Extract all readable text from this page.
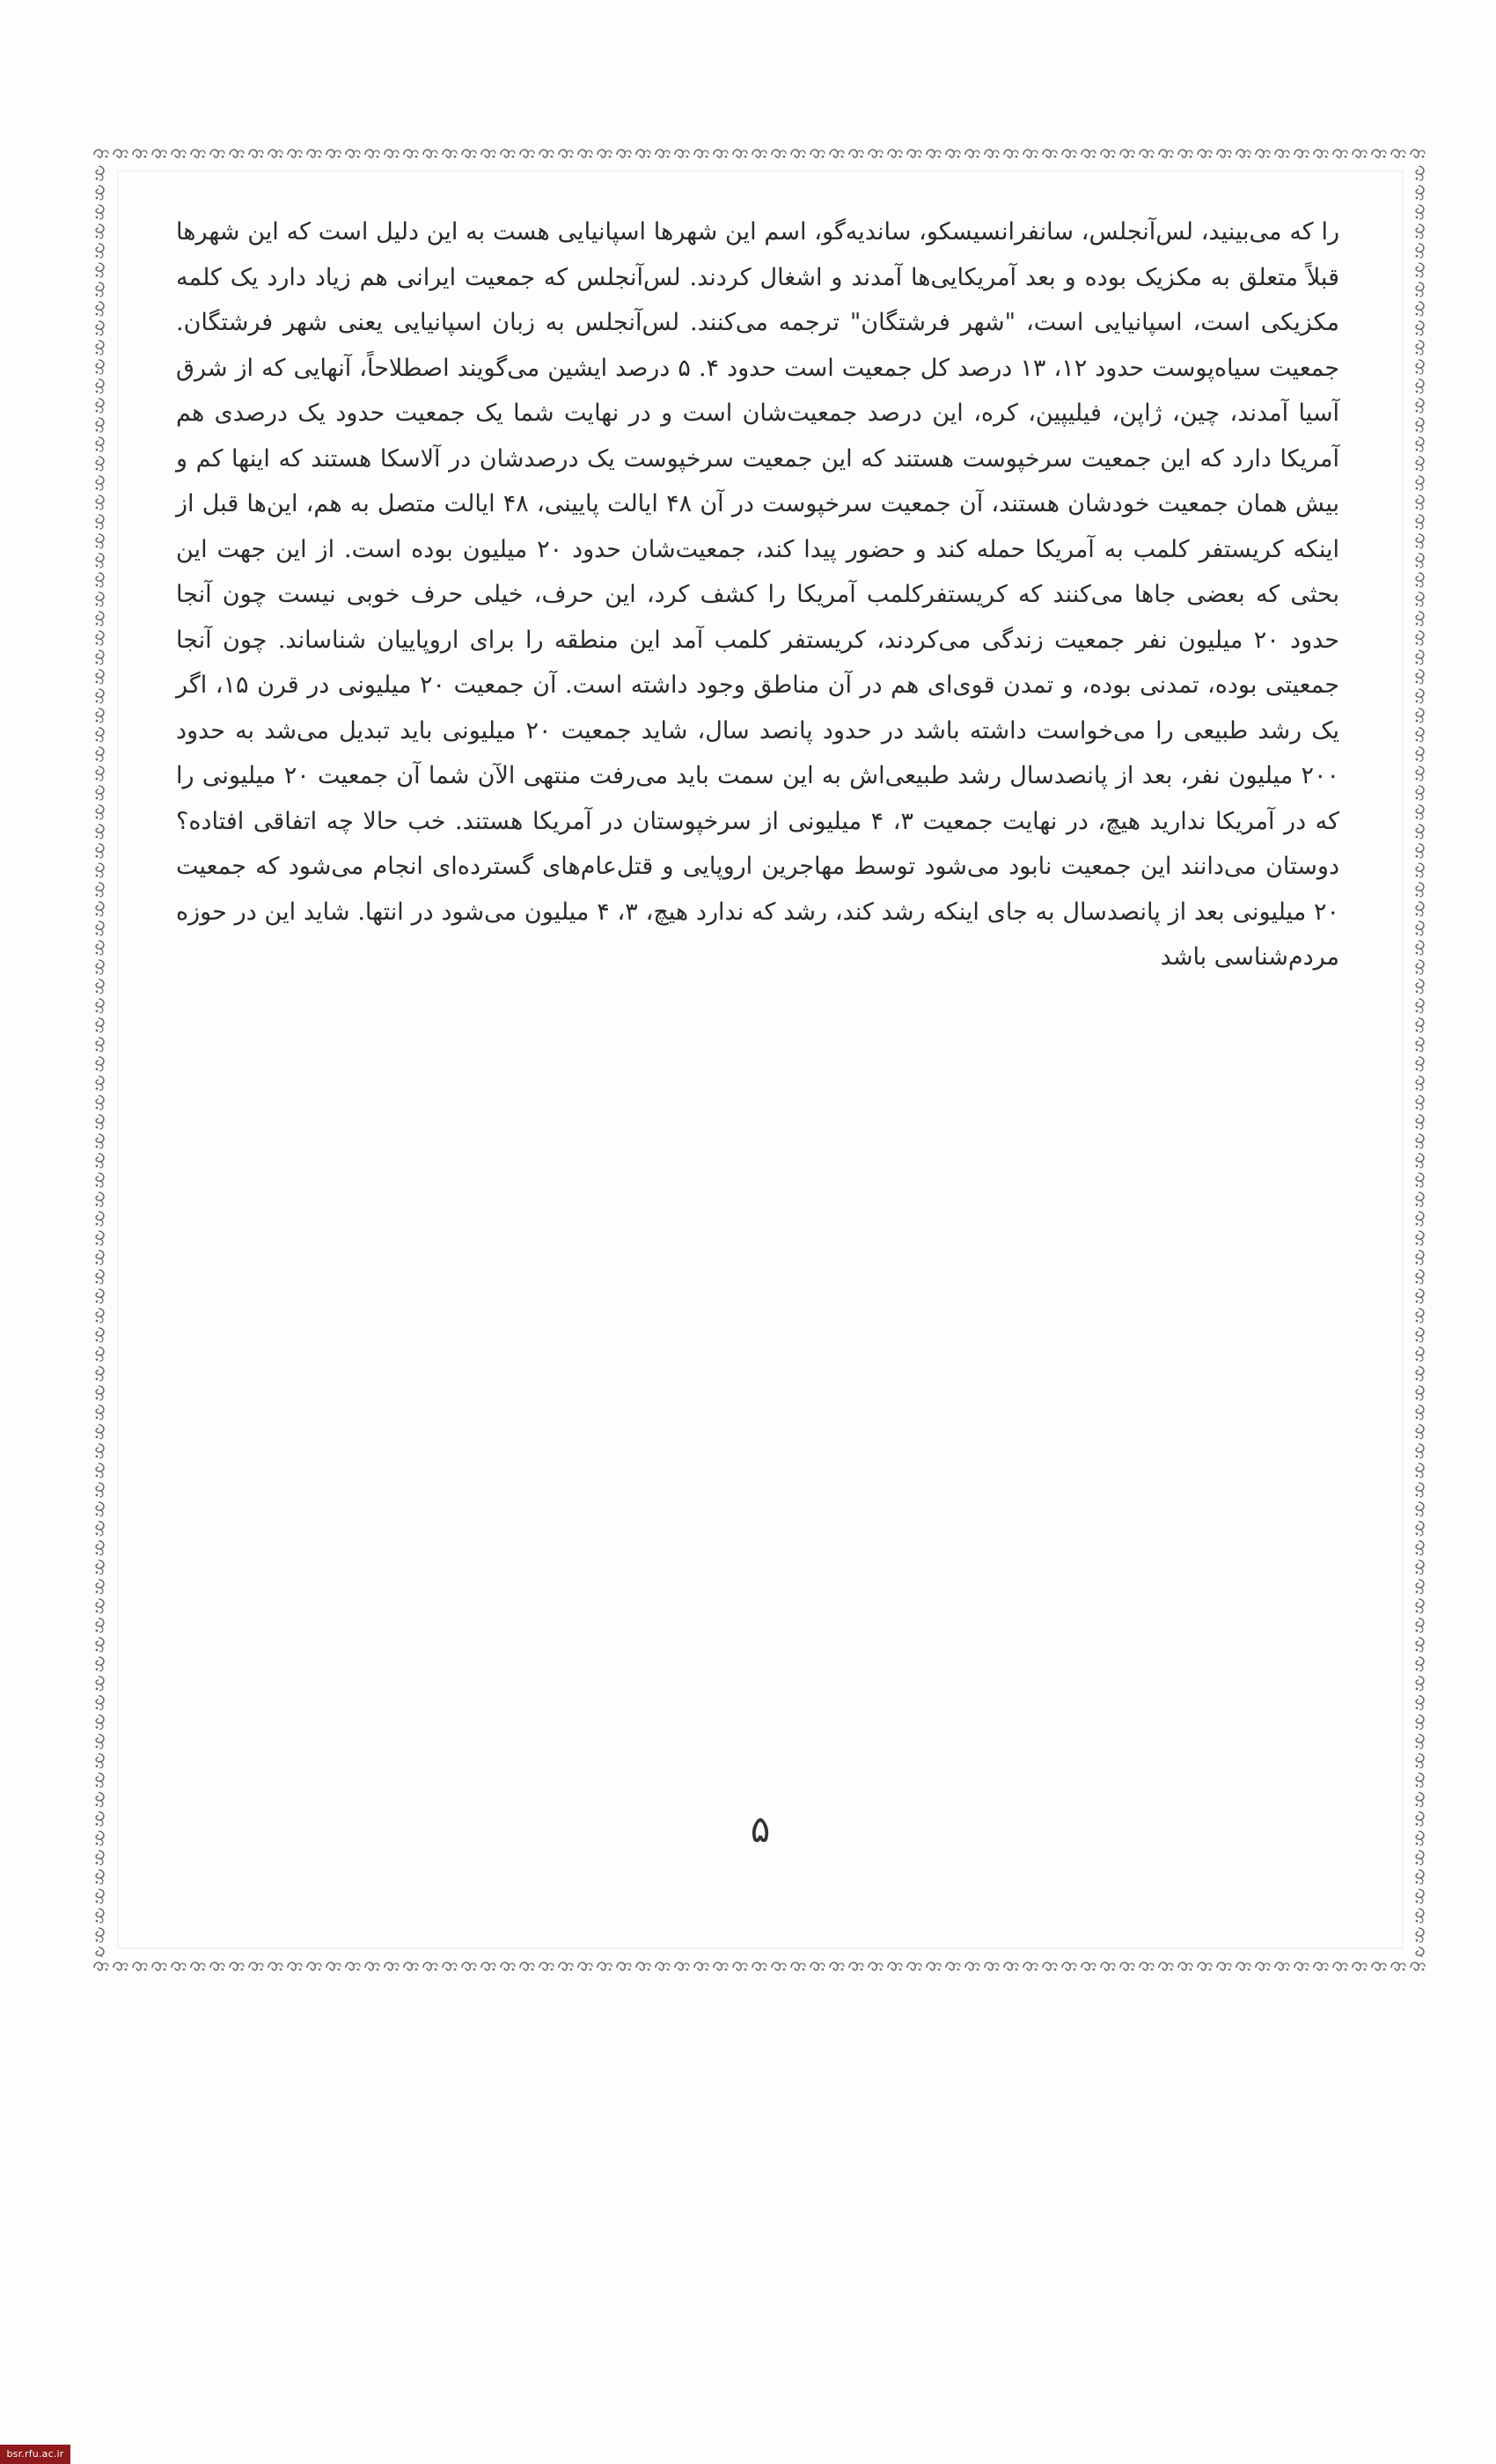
را که می‌بینید، لس‌آنجلس، سانفرانسیسکو، ساندیه‌گو، اسم این شهرها اسپانیایی هست به این دلیل است که این شهرها قبلاً متعلق به مکزیک بوده و بعد آمریکایی‌ها آمدند و اشغال کردند. لس‌آنجلس که جمعیت ایرانی هم زیاد دارد یک کلمه مکزیکی است، اسپانیایی است، "شهر فرشتگان" ترجمه می‌کنند. لس‌آنجلس به زبان اسپانیایی یعنی شهر فرشتگان. جمعیت سیاه‌پوست حدود ۱۲، ۱۳ درصد کل جمعیت است حدود ۴. ۵ درصد ایشین می‌گویند اصطلاحاً، آنهایی که از شرق آسیا آمدند، چین، ژاپن، فیلیپین، کره، این درصد جمعیت‌شان است و در نهایت شما یک جمعیت حدود یک درصدی هم آمریکا دارد که این جمعیت سرخپوست هستند که این جمعیت سرخپوست یک درصدشان در آلاسکا هستند که اینها کم و بیش همان جمعیت خودشان هستند، آن جمعیت سرخپوست در آن ۴۸ ایالت پایینی، ۴۸ ایالت متصل به هم، این‌ها قبل از اینکه کریستفر کلمب به آمریکا حمله کند و حضور پیدا کند، جمعیت‌شان حدود ۲۰ میلیون بوده است. از این جهت این بحثی که بعضی جاها می‌کنند که کریستفرکلمب آمریکا را کشف کرد، این حرف، خیلی حرف خوبی نیست چون آنجا حدود ۲۰ میلیون نفر جمعیت زندگی می‌کردند، کریستفر کلمب آمد این منطقه را برای اروپاییان شناساند. چون آنجا جمعیتی بوده، تمدنی بوده، و تمدن قوی‌ای هم در آن مناطق وجود داشته است. آن جمعیت ۲۰ میلیونی در قرن ۱۵، اگر یک رشد طبیعی را می‌خواست داشته باشد در حدود پانصد سال، شاید جمعیت ۲۰ میلیونی باید تبدیل می‌شد به حدود ۲۰۰ میلیون نفر، بعد از پانصدسال رشد طبیعی‌اش به این سمت باید می‌رفت منتهی الآن شما آن جمعیت ۲۰ میلیونی را که در آمریکا ندارید هیچ، در نهایت جمعیت ۳، ۴ میلیونی از سرخپوستان در آمریکا هستند. خب حالا چه اتفاقی افتاده؟ دوستان می‌دانند این جمعیت نابود می‌شود توسط مهاجرین اروپایی و قتل‌عام‌های گسترده‌ای انجام می‌شود که جمعیت ۲۰ میلیونی بعد از پانصدسال به جای اینکه رشد کند، رشد که ندارد هیچ، ۳، ۴ میلیون می‌شود در انتها. شاید این در حوزه مردم‌شناسی باشد

۵
bsr.rfu.ac.ir
